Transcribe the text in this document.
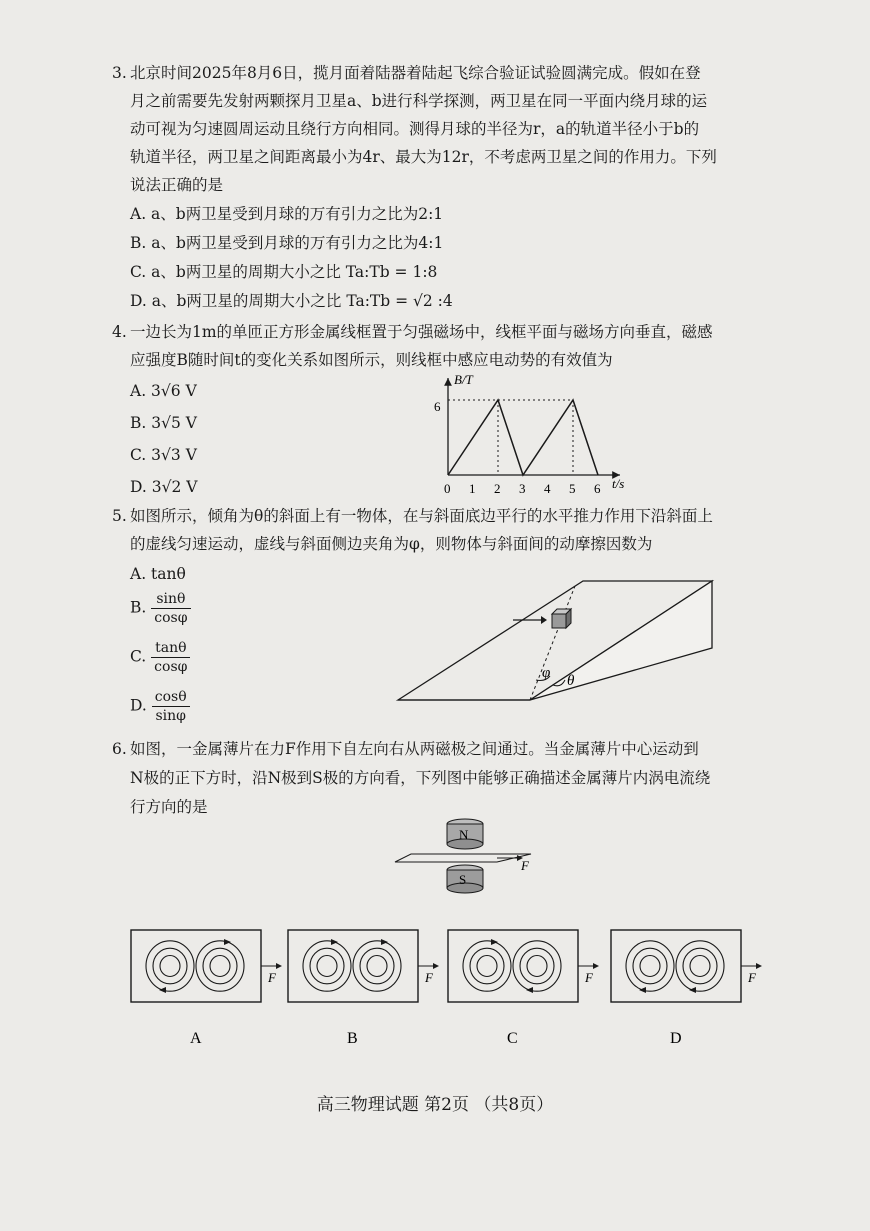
3. 北京时间2025年8月6日，揽月面着陆器着陆起飞综合验证试验圆满完成。假如在登
月之前需要先发射两颗探月卫星a、b进行科学探测，两卫星在同一平面内绕月球的运
动可视为匀速圆周运动且绕行方向相同。测得月球的半径为r，a的轨道半径小于b的
轨道半径，两卫星之间距离最小为4r、最大为12r，不考虑两卫星之间的作用力。下列
说法正确的是
A. a、b两卫星受到月球的万有引力之比为2:1
B. a、b两卫星受到月球的万有引力之比为4:1
C. a、b两卫星的周期大小之比 Ta:Tb = 1:8
D. a、b两卫星的周期大小之比 Ta:Tb = √2 :4
4. 一边长为1m的单匝正方形金属线框置于匀强磁场中，线框平面与磁场方向垂直，磁感
应强度B随时间t的变化关系如图所示，则线框中感应电动势的有效值为
A. 3√6 V
B. 3√5 V
C. 3√3 V
D. 3√2 V
B/T
t/s
6
0 1 2 3 4 5 6
5. 如图所示，倾角为θ的斜面上有一物体，在与斜面底边平行的水平推力作用下沿斜面上
的虚线匀速运动，虚线与斜面侧边夹角为φ，则物体与斜面间的动摩擦因数为
A. tanθ
B. $\frac{\sin\theta}{\cos\varphi}$
C. $\frac{\tan\theta}{\cos\varphi}$
D. $\frac{\cos\theta}{\sin\varphi}$
φ θ
6. 如图，一金属薄片在力F作用下自左向右从两磁极之间通过。当金属薄片中心运动到
N极的正下方时，沿N极到S极的方向看，下列图中能够正确描述金属薄片内涡电流绕
行方向的是
N
F
S
F
A
F
B
F
C
F
D
高三物理试题 第2页 （共8页）
